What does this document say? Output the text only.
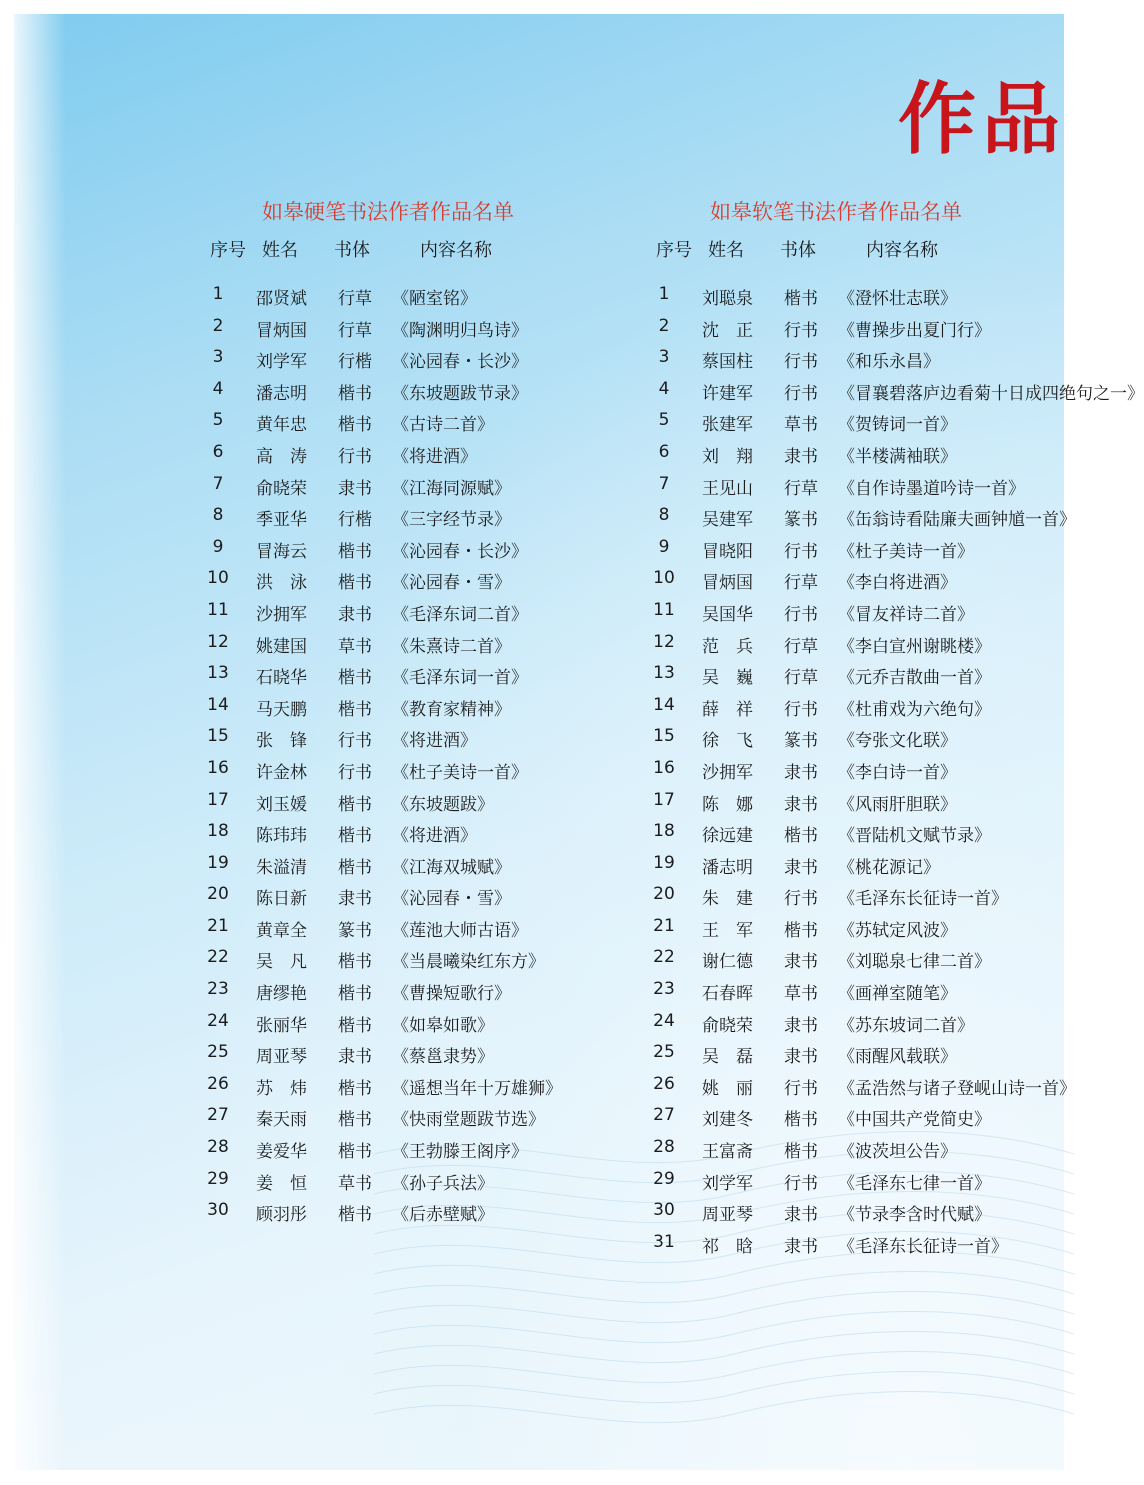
作品
如皋硬笔书法作者作品名单
序号 姓名 书体	内容名称
1	邵贤斌 行草 《陋室铭》
2	冒炳国 行草 《陶渊明归鸟诗》
3	刘学军 行楷 《沁园春・长沙》
4	潘志明 楷书 《东坡题跋节录》
5	黄年忠 楷书 《古诗二首》
6	高　涛 行书 《将进酒》
7	俞晓荣 隶书 《江海同源赋》
8	季亚华 行楷 《三字经节录》
9	冒海云 楷书 《沁园春・长沙》
10	洪　泳 楷书 《沁园春・雪》
11	沙拥军 隶书 《毛泽东词二首》
12	姚建国 草书 《朱熹诗二首》
13	石晓华 楷书 《毛泽东词一首》
14	马天鹏 楷书 《教育家精神》
15	张　锋 行书 《将进酒》
16	许金林 行书 《杜子美诗一首》
17	刘玉媛 楷书 《东坡题跋》
18	陈玮玮 楷书 《将进酒》
19	朱溢清 楷书 《江海双城赋》
20	陈日新 隶书 《沁园春・雪》
21	黄章全 篆书 《莲池大师古语》
22	吴　凡 楷书 《当晨曦染红东方》
23	唐缪艳 楷书 《曹操短歌行》
24	张丽华 楷书 《如皋如歌》
25	周亚琴 隶书 《蔡邕隶势》
26	苏　炜 楷书 《遥想当年十万雄狮》
27	秦天雨 楷书 《快雨堂题跋节选》
28	姜爱华 楷书 《王勃滕王阁序》
29	姜　恒 草书 《孙子兵法》
30	顾羽彤 楷书 《后赤壁赋》
如皋软笔书法作者作品名单
序号 姓名 书体	内容名称
1	刘聪泉 楷书 《澄怀壮志联》
2	沈　正 行书 《曹操步出夏门行》
3	蔡国柱 行书 《和乐永昌》
4	许建军 行书 《冒襄碧落庐边看菊十日成四绝句之一》
5	张建军 草书 《贺铸词一首》
6	刘　翔 隶书 《半楼满袖联》
7	王见山 行草 《自作诗墨道吟诗一首》
8	吴建军 篆书 《缶翁诗看陆廉夫画钟馗一首》
9	冒晓阳 行书 《杜子美诗一首》
10	冒炳国 行草 《李白将进酒》
11	吴国华 行书 《冒友祥诗二首》
12	范　兵 行草 《李白宣州谢眺楼》
13	吴　巍 行草 《元乔吉散曲一首》
14	薛　祥 行书 《杜甫戏为六绝句》
15	徐　飞 篆书 《夸张文化联》
16	沙拥军 隶书 《李白诗一首》
17	陈　娜 隶书 《风雨肝胆联》
18	徐远建 楷书 《晋陆机文赋节录》
19	潘志明 隶书 《桃花源记》
20	朱　建 行书 《毛泽东长征诗一首》
21	王　军 楷书 《苏轼定风波》
22	谢仁德 隶书 《刘聪泉七律二首》
23	石春晖 草书 《画禅室随笔》
24	俞晓荣 隶书 《苏东坡词二首》
25	吴　磊 隶书 《雨醒风载联》
26	姚　丽 行书 《孟浩然与诸子登岘山诗一首》
27	刘建冬 楷书 《中国共产党简史》
28	王富斋 楷书 《波茨坦公告》
29	刘学军 行书 《毛泽东七律一首》
30	周亚琴 隶书 《节录李含时代赋》
31	祁　晗 隶书 《毛泽东长征诗一首》
